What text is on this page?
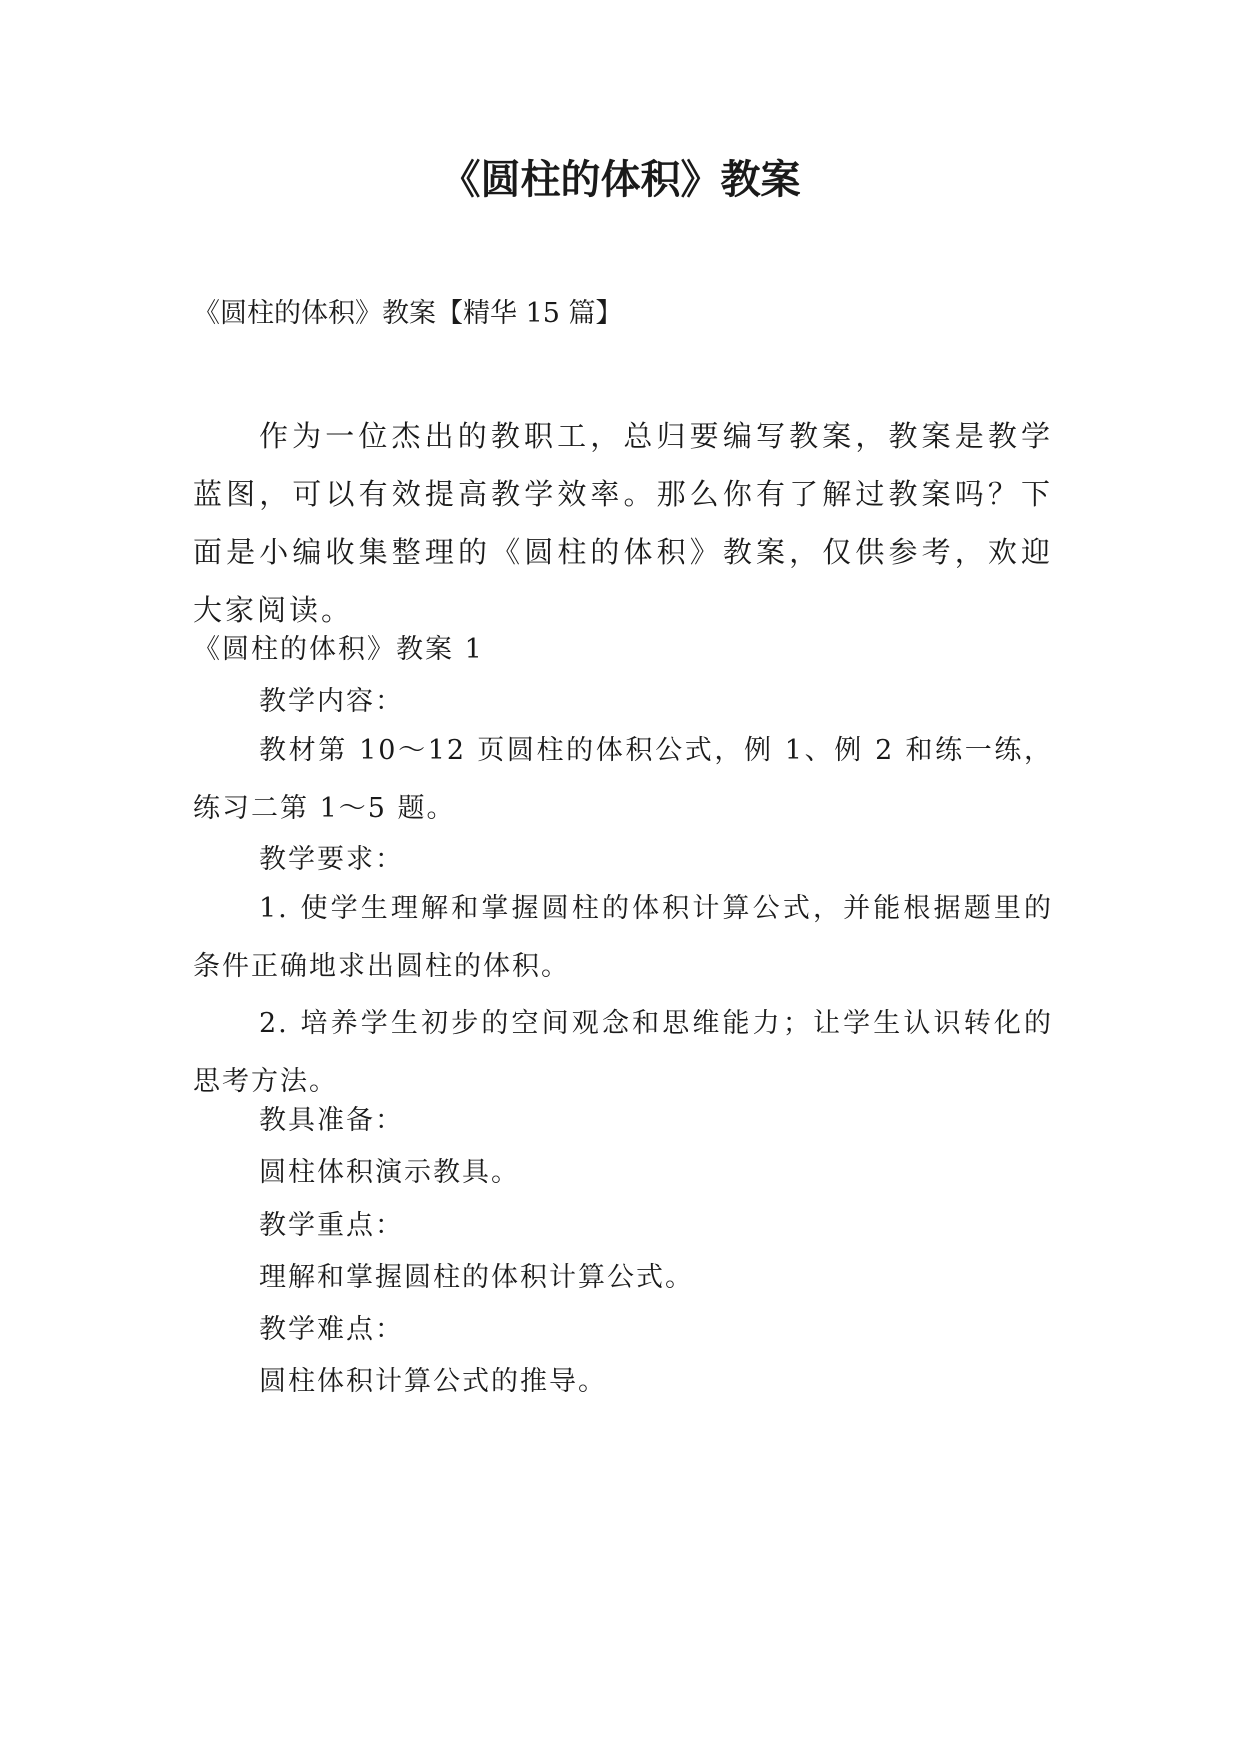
《圆柱的体积》教案
《圆柱的体积》教案【精华 15 篇】
作为一位杰出的教职工，总归要编写教案，教案是教学蓝图，可以有效提高教学效率。那么你有了解过教案吗？下面是小编收集整理的《圆柱的体积》教案，仅供参考，欢迎大家阅读。
《圆柱的体积》教案 1
教学内容：
教材第 10～12 页圆柱的体积公式，例 1、例 2 和练一练，练习二第 1～5 题。
教学要求：
1. 使学生理解和掌握圆柱的体积计算公式，并能根据题里的条件正确地求出圆柱的体积。
2. 培养学生初步的空间观念和思维能力；让学生认识转化的思考方法。
教具准备：
圆柱体积演示教具。
教学重点：
理解和掌握圆柱的体积计算公式。
教学难点：
圆柱体积计算公式的推导。
